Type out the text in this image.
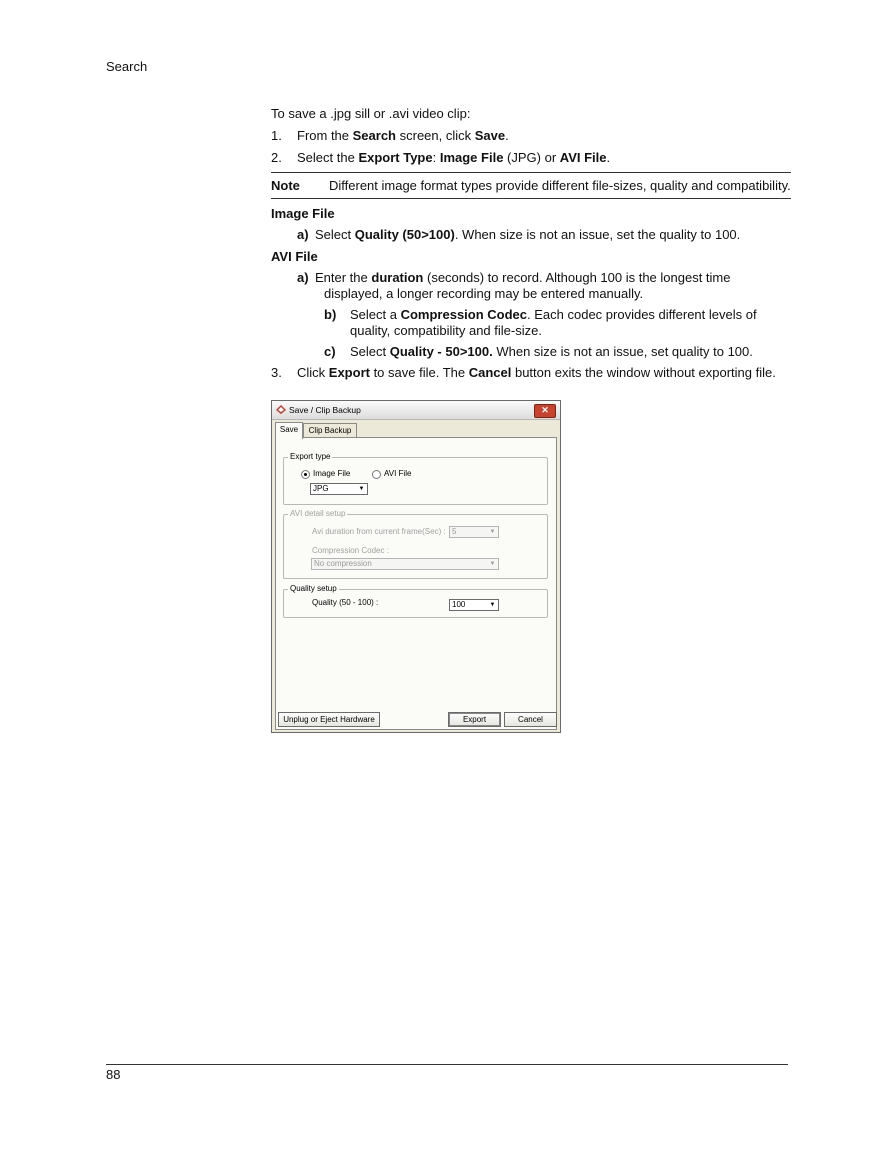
Search

To save a .jpg sill or .avi video clip:

1. From the Search screen, click Save.
2. Select the Export Type: Image File (JPG) or AVI File.
Note	Different image format types provide different file-sizes, quality and compatibility.
Image File
a) Select Quality (50>100). When size is not an issue, set the quality to 100.
AVI File
a) Enter the duration (seconds) to record. Although 100 is the longest time
displayed, a longer recording may be entered manually.
b) Select a Compression Codec. Each codec provides different levels of quality, compatibility and file-size.
c) Select Quality - 50>100. When size is not an issue, set quality to 100.
3. Click Export to save file. The Cancel button exits the window without exporting file.
Save / Clip Backup	✕
Save	Clip Backup
Export type
Image File	AVI File
JPG	▼
AVI detail setup
Avi duration from current frame(Sec) : 5	▼
Compression Codec :
No compression	▼
Quality setup
Quality (50 - 100) :	100	▼
Unplug or Eject Hardware	Export	Cancel
88
